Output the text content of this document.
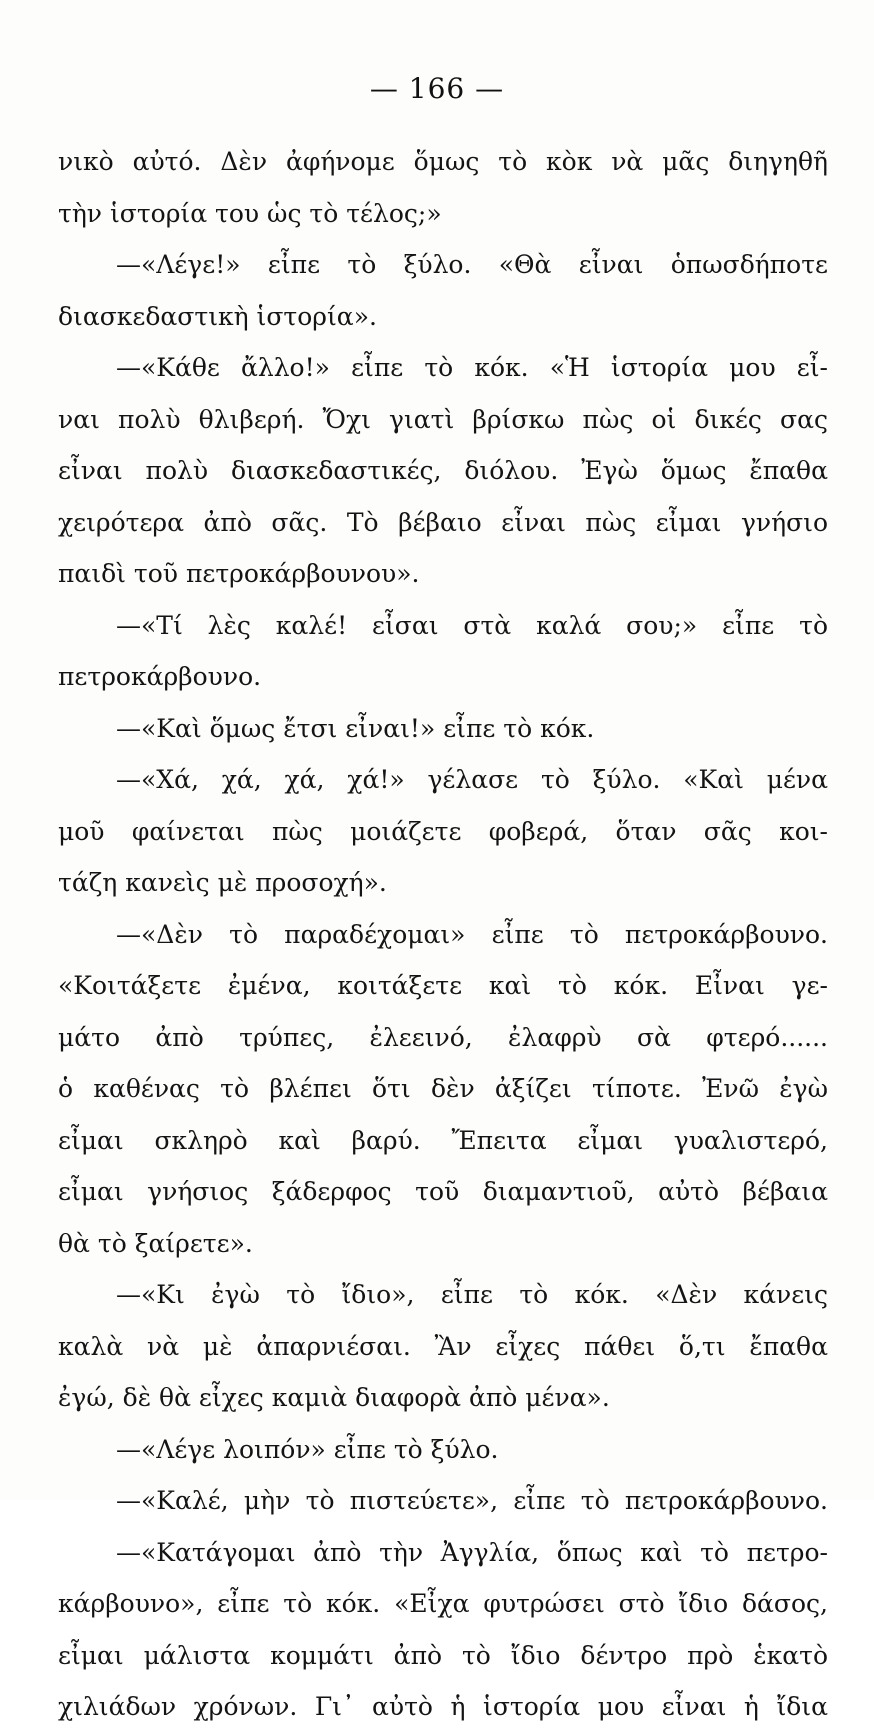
— 166 —
νικὸ αὐτό. Δὲν ἀφήνομε ὅμως τὸ κὸκ νὰ μᾶς διηγηθῆ
τὴν ἱστορία του ὡς τὸ τέλος;»
—«Λέγε!» εἶπε τὸ ξύλο. «Θὰ εἶναι ὁπωσδήποτε
διασκεδαστικὴ ἱστορία».
—«Κάθε ἄλλο!» εἶπε τὸ κόκ. «Ἡ ἱστορία μου εἶ-
ναι πολὺ θλιβερή. Ὄχι γιατὶ βρίσκω πὼς οἱ δικές σας
εἶναι πολὺ διασκεδαστικές, διόλου. Ἐγὼ ὅμως ἔπαθα
χειρότερα ἀπὸ σᾶς. Τὸ βέβαιο εἶναι πὼς εἶμαι γνήσιο
παιδὶ τοῦ πετροκάρβουνου».
—«Τί λὲς καλέ! εἶσαι στὰ καλά σου;» εἶπε τὸ
πετροκάρβουνο.
—«Καὶ ὅμως ἔτσι εἶναι!» εἶπε τὸ κόκ.
—«Χά, χά, χά, χά!» γέλασε τὸ ξύλο. «Καὶ μένα
μοῦ φαίνεται πὼς μοιάζετε φοβερά, ὅταν σᾶς κοι-
τάζη κανεὶς μὲ προσοχή».
—«Δὲν τὸ παραδέχομαι» εἶπε τὸ πετροκάρβουνο.
«Κοιτάξετε ἐμένα, κοιτάξετε καὶ τὸ κόκ. Εἶναι γε-
μάτο ἀπὸ τρύπες, ἐλεεινό, ἐλαφρὺ σὰ φτερό......
ὁ καθένας τὸ βλέπει ὅτι δὲν ἀξίζει τίποτε. Ἐνῶ ἐγὼ
εἶμαι σκληρὸ καὶ βαρύ. Ἔπειτα εἶμαι γυαλιστερό,
εἶμαι γνήσιος ξάδερφος τοῦ διαμαντιοῦ, αὐτὸ βέβαια
θὰ τὸ ξαίρετε».
—«Κι ἐγὼ τὸ ἴδιο», εἶπε τὸ κόκ. «Δὲν κάνεις
καλὰ νὰ μὲ ἀπαρνιέσαι. Ἂν εἶχες πάθει ὅ,τι ἔπαθα
ἐγώ, δὲ θὰ εἶχες καμιὰ διαφορὰ ἀπὸ μένα».
—«Λέγε λοιπόν» εἶπε τὸ ξύλο.
—«Καλέ, μὴν τὸ πιστεύετε», εἶπε τὸ πετροκάρβουνο.
—«Κατάγομαι ἀπὸ τὴν Ἀγγλία, ὅπως καὶ τὸ πετρο-
κάρβουνο», εἶπε τὸ κόκ. «Εἶχα φυτρώσει στὸ ἴδιο δάσος,
εἶμαι μάλιστα κομμάτι ἀπὸ τὸ ἴδιο δέντρο πρὸ ἑκατὸ
χιλιάδων χρόνων. Γι᾽ αὐτὸ ἡ ἱστορία μου εἶναι ἡ ἴδια
